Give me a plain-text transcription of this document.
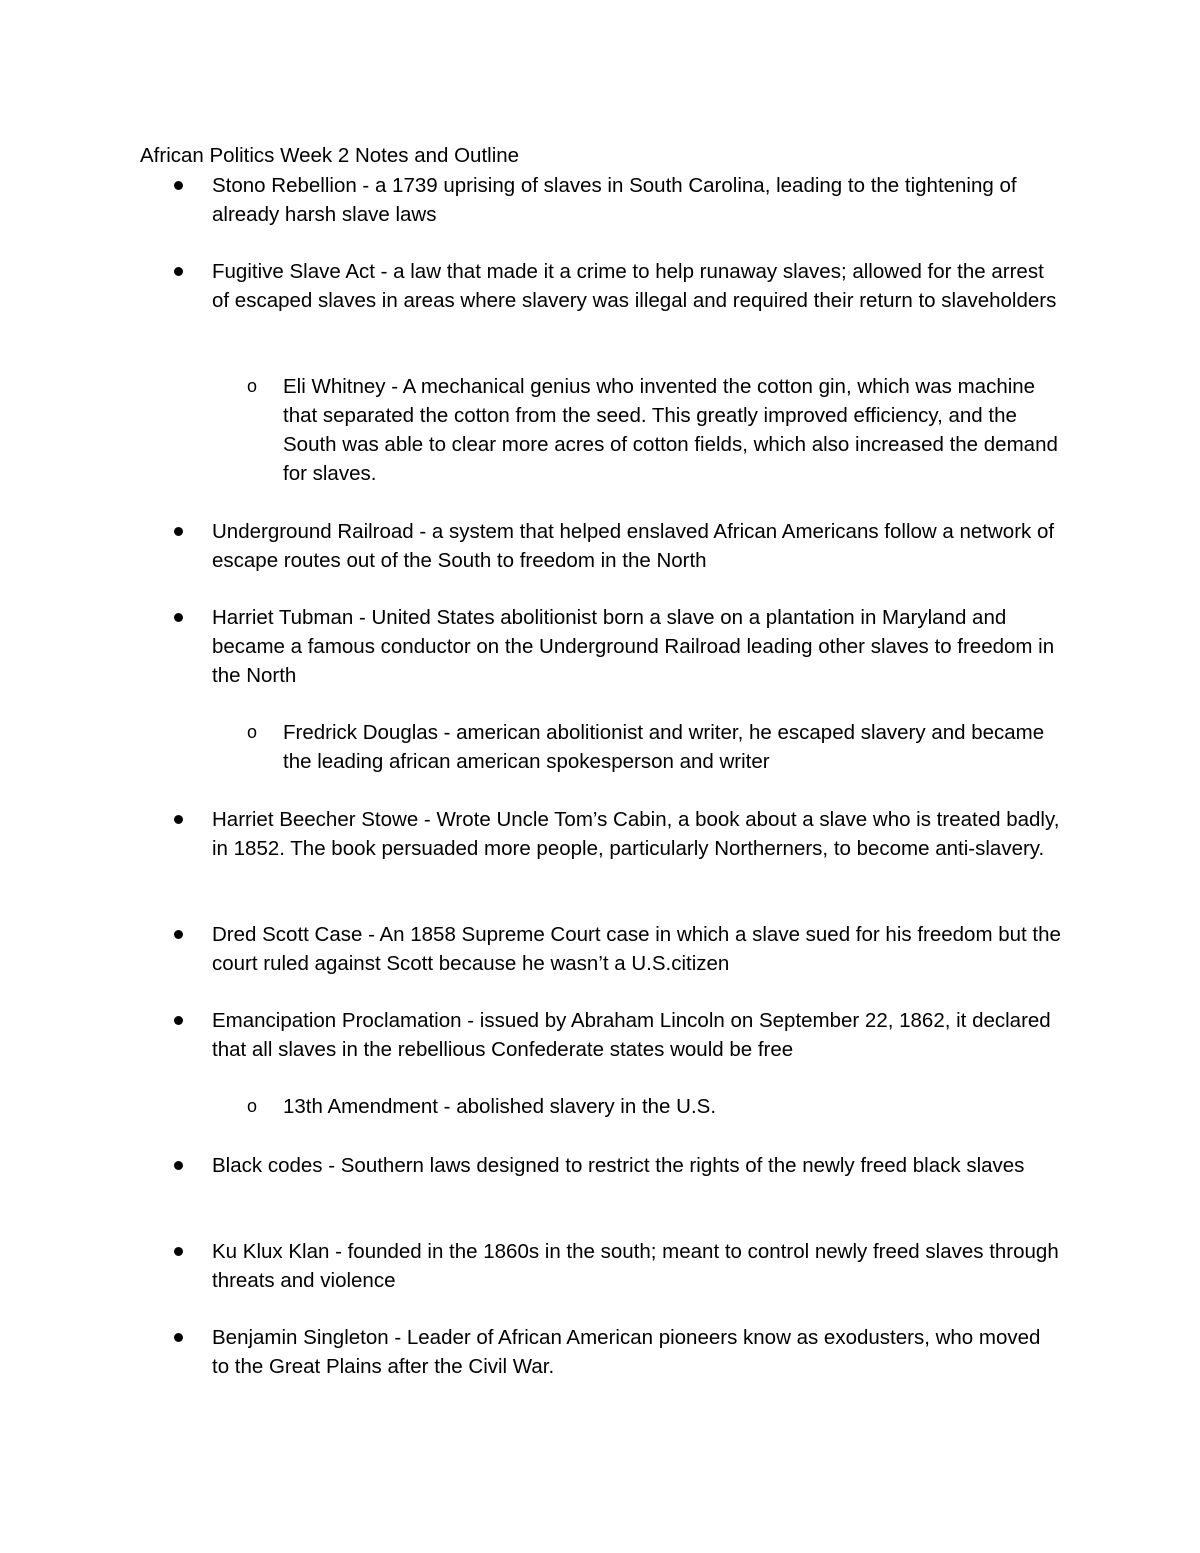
African Politics Week 2 Notes and Outline
Stono Rebellion - a 1739 uprising of slaves in South Carolina, leading to the tightening of already harsh slave laws
Fugitive Slave Act - a law that made it a crime to help runaway slaves; allowed for the arrest of escaped slaves in areas where slavery was illegal and required their return to slaveholders
o Eli Whitney - A mechanical genius who invented the cotton gin, which was machine that separated the cotton from the seed. This greatly improved efficiency, and the South was able to clear more acres of cotton fields, which also increased the demand for slaves.
Underground Railroad - a system that helped enslaved African Americans follow a network of escape routes out of the South to freedom in the North
Harriet Tubman - United States abolitionist born a slave on a plantation in Maryland and became a famous conductor on the Underground Railroad leading other slaves to freedom in the North
o Fredrick Douglas - american abolitionist and writer, he escaped slavery and became the leading african american spokesperson and writer
Harriet Beecher Stowe - Wrote Uncle Tom’s Cabin, a book about a slave who is treated badly, in 1852. The book persuaded more people, particularly Northerners, to become anti-slavery.
Dred Scott Case - An 1858 Supreme Court case in which a slave sued for his freedom but the court ruled against Scott because he wasn’t a U.S.citizen
Emancipation Proclamation - issued by Abraham Lincoln on September 22, 1862, it declared that all slaves in the rebellious Confederate states would be free
o 13th Amendment - abolished slavery in the U.S.
Black codes - Southern laws designed to restrict the rights of the newly freed black slaves
Ku Klux Klan - founded in the 1860s in the south; meant to control newly freed slaves through threats and violence
Benjamin Singleton - Leader of African American pioneers know as exodusters, who moved to the Great Plains after the Civil War.
